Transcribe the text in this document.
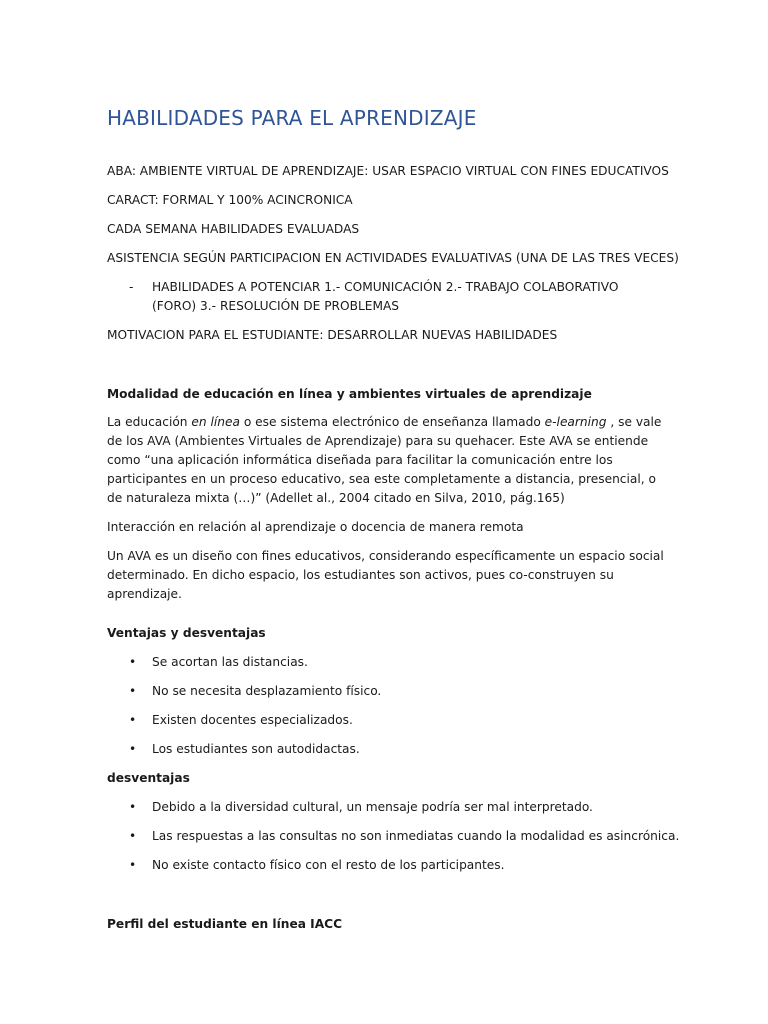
HABILIDADES PARA EL APRENDIZAJE

ABA: AMBIENTE VIRTUAL DE APRENDIZAJE: USAR ESPACIO VIRTUAL CON FINES EDUCATIVOS

CARACT: FORMAL Y 100% ACINCRONICA

CADA SEMANA HABILIDADES EVALUADAS

ASISTENCIA SEGÚN PARTICIPACION EN ACTIVIDADES EVALUATIVAS (UNA DE LAS TRES VECES)

- HABILIDADES A POTENCIAR 1.- COMUNICACIÓN 2.- TRABAJO COLABORATIVO (FORO) 3.- RESOLUCIÓN DE PROBLEMAS

MOTIVACION PARA EL ESTUDIANTE: DESARROLLAR NUEVAS HABILIDADES

Modalidad de educación en línea y ambientes virtuales de aprendizaje

La educación en línea o ese sistema electrónico de enseñanza llamado e-learning , se vale de los AVA (Ambientes Virtuales de Aprendizaje) para su quehacer. Este AVA se entiende como “una aplicación informática diseñada para facilitar la comunicación entre los participantes en un proceso educativo, sea este completamente a distancia, presencial, o de naturaleza mixta (…)” (Adellet al., 2004 citado en Silva, 2010, pág.165)

Interacción en relación al aprendizaje o docencia de manera remota

Un AVA es un diseño con fines educativos, considerando específicamente un espacio social determinado. En dicho espacio, los estudiantes son activos, pues co-construyen su aprendizaje.

Ventajas y desventajas

• Se acortan las distancias.
• No se necesita desplazamiento físico.
• Existen docentes especializados.
• Los estudiantes son autodidactas.

desventajas

• Debido a la diversidad cultural, un mensaje podría ser mal interpretado.
• Las respuestas a las consultas no son inmediatas cuando la modalidad es asincrónica.
• No existe contacto físico con el resto de los participantes.

Perfil del estudiante en línea IACC
